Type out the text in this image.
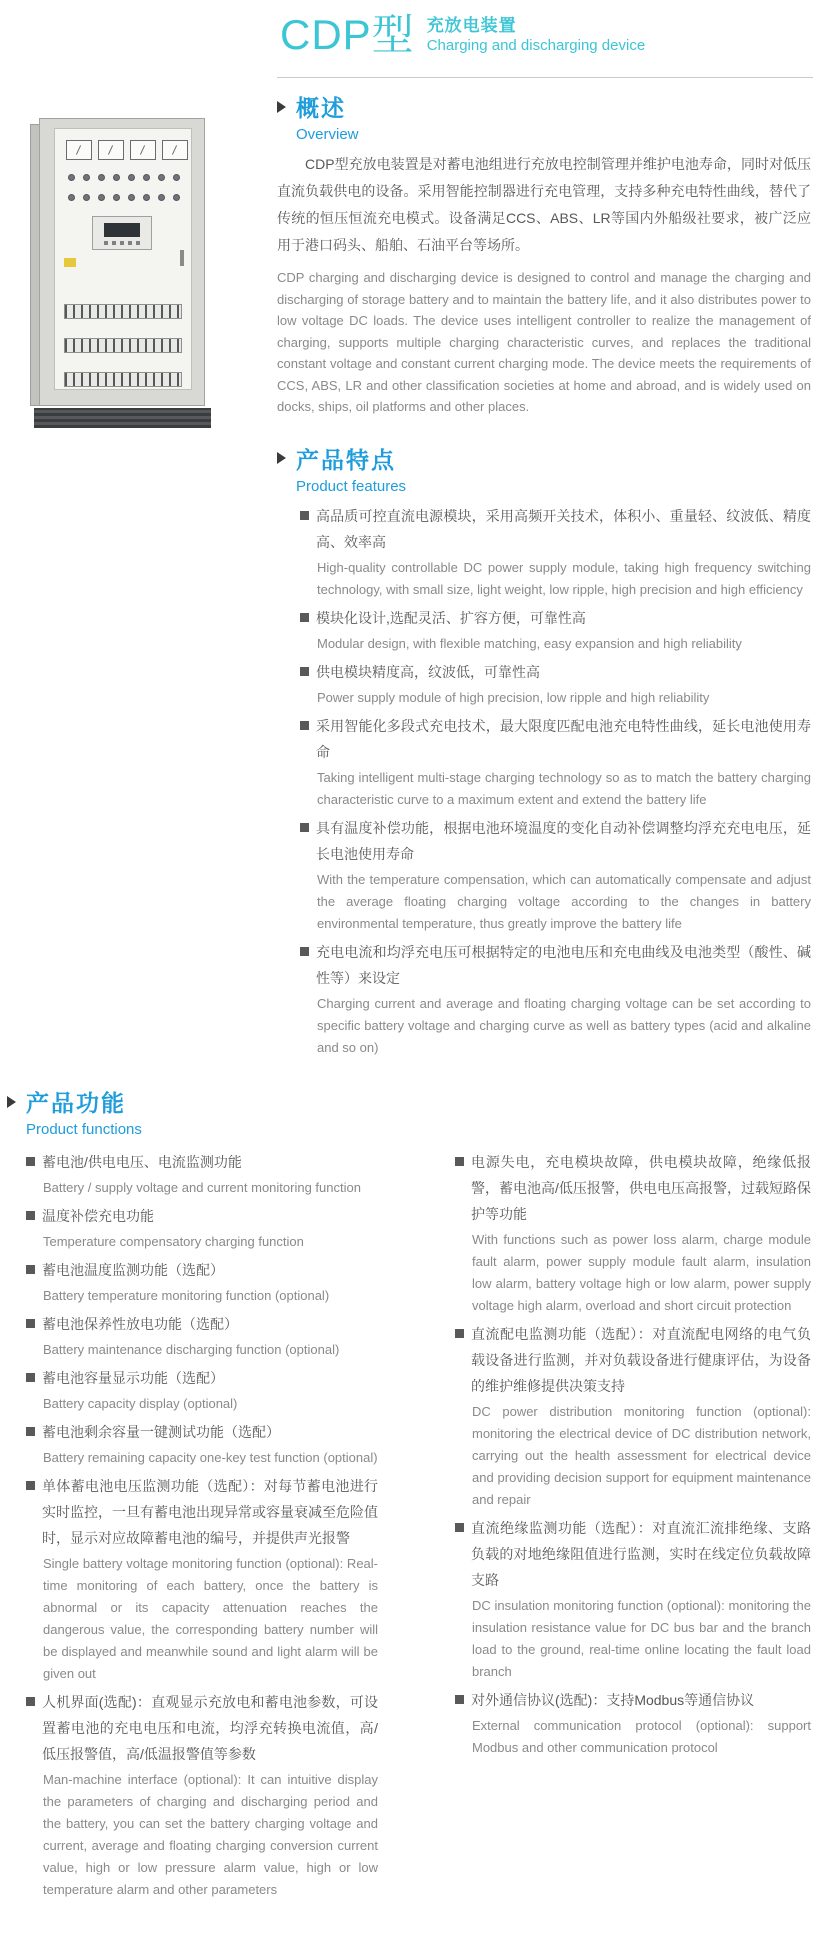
CDP型 充放电装置
Charging and discharging device
概述
Overview

CDP型充放电装置是对蓄电池组进行充放电控制管理并维护电池寿命，同时对低压直流负载供电的设备。采用智能控制器进行充电管理，支持多种充电特性曲线，替代了传统的恒压恒流充电模式。设备满足CCS、ABS、LR等国内外船级社要求，被广泛应用于港口码头、船舶、石油平台等场所。

CDP charging and discharging device is designed to control and manage the charging and discharging of storage battery and to maintain the battery life, and it also distributes power to low voltage DC loads. The device uses intelligent controller to realize the management of charging, supports multiple charging characteristic curves, and replaces the traditional constant voltage and constant current charging mode. The device meets the requirements of CCS, ABS, LR and other classification societies at home and abroad, and is widely used on docks, ships, oil platforms and other places.

产品特点
Product features
高品质可控直流电源模块，采用高频开关技术，体积小、重量轻、纹波低、精度高、效率高
High-quality controllable DC power supply module, taking high frequency switching technology, with small size, light weight, low ripple, high precision and high efficiency
模块化设计,选配灵活、扩容方便，可靠性高
Modular design, with flexible matching, easy expansion and high reliability
供电模块精度高，纹波低，可靠性高
Power supply module of high precision, low ripple and high reliability
采用智能化多段式充电技术，最大限度匹配电池充电特性曲线，延长电池使用寿命
Taking intelligent multi-stage charging technology so as to match the battery charging characteristic curve to a maximum extent and extend the battery life
具有温度补偿功能，根据电池环境温度的变化自动补偿调整均浮充充电电压，延长电池使用寿命
With the temperature compensation, which can automatically compensate and adjust the average floating charging voltage according to the changes in battery environmental temperature, thus greatly improve the battery life
充电电流和均浮充电压可根据特定的电池电压和充电曲线及电池类型（酸性、碱性等）来设定
Charging current and average and floating charging voltage can be set according to specific battery voltage and charging curve as well as battery types (acid and alkaline and so on)
产品功能
Product functions
蓄电池/供电电压、电流监测功能
Battery / supply voltage and current monitoring function
温度补偿充电功能
Temperature compensatory charging function
蓄电池温度监测功能（选配）
Battery temperature monitoring function (optional)
蓄电池保养性放电功能（选配）
Battery maintenance discharging function (optional)
蓄电池容量显示功能（选配）
Battery capacity display (optional)
蓄电池剩余容量一键测试功能（选配）
Battery remaining capacity one-key test function (optional)
单体蓄电池电压监测功能（选配）：对每节蓄电池进行实时监控，一旦有蓄电池出现异常或容量衰减至危险值时，显示对应故障蓄电池的编号，并提供声光报警
Single battery voltage monitoring function (optional): Real-time monitoring of each battery, once the battery is abnormal or its capacity attenuation reaches the dangerous value, the corresponding battery number will be displayed and meanwhile sound and light alarm will be given out
人机界面(选配)：直观显示充放电和蓄电池参数，可设置蓄电池的充电电压和电流，均浮充转换电流值，高/低压报警值，高/低温报警值等参数
Man-machine interface (optional): It can intuitive display the parameters of charging and discharging period and the battery, you can set the battery charging voltage and current, average and floating charging conversion current value, high or low pressure alarm value, high or low temperature alarm and other parameters
电源失电，充电模块故障，供电模块故障，绝缘低报警，蓄电池高/低压报警，供电电压高报警，过载短路保护等功能
With functions such as power loss alarm, charge module fault alarm, power supply module fault alarm, insulation low alarm, battery voltage high or low alarm, power supply voltage high alarm, overload and short circuit protection
直流配电监测功能（选配）：对直流配电网络的电气负载设备进行监测，并对负载设备进行健康评估，为设备的维护维修提供决策支持
DC power distribution monitoring function (optional): monitoring the electrical device of DC distribution network, carrying out the health assessment for electrical device and providing decision support for equipment maintenance and repair
直流绝缘监测功能（选配）：对直流汇流排绝缘、支路负载的对地绝缘阻值进行监测，实时在线定位负载故障支路
DC insulation monitoring function (optional): monitoring the insulation resistance value for DC bus bar and the branch load to the ground, real-time online locating the fault load branch
对外通信协议(选配)：支持Modbus等通信协议
External communication protocol (optional): support Modbus and other communication protocol
